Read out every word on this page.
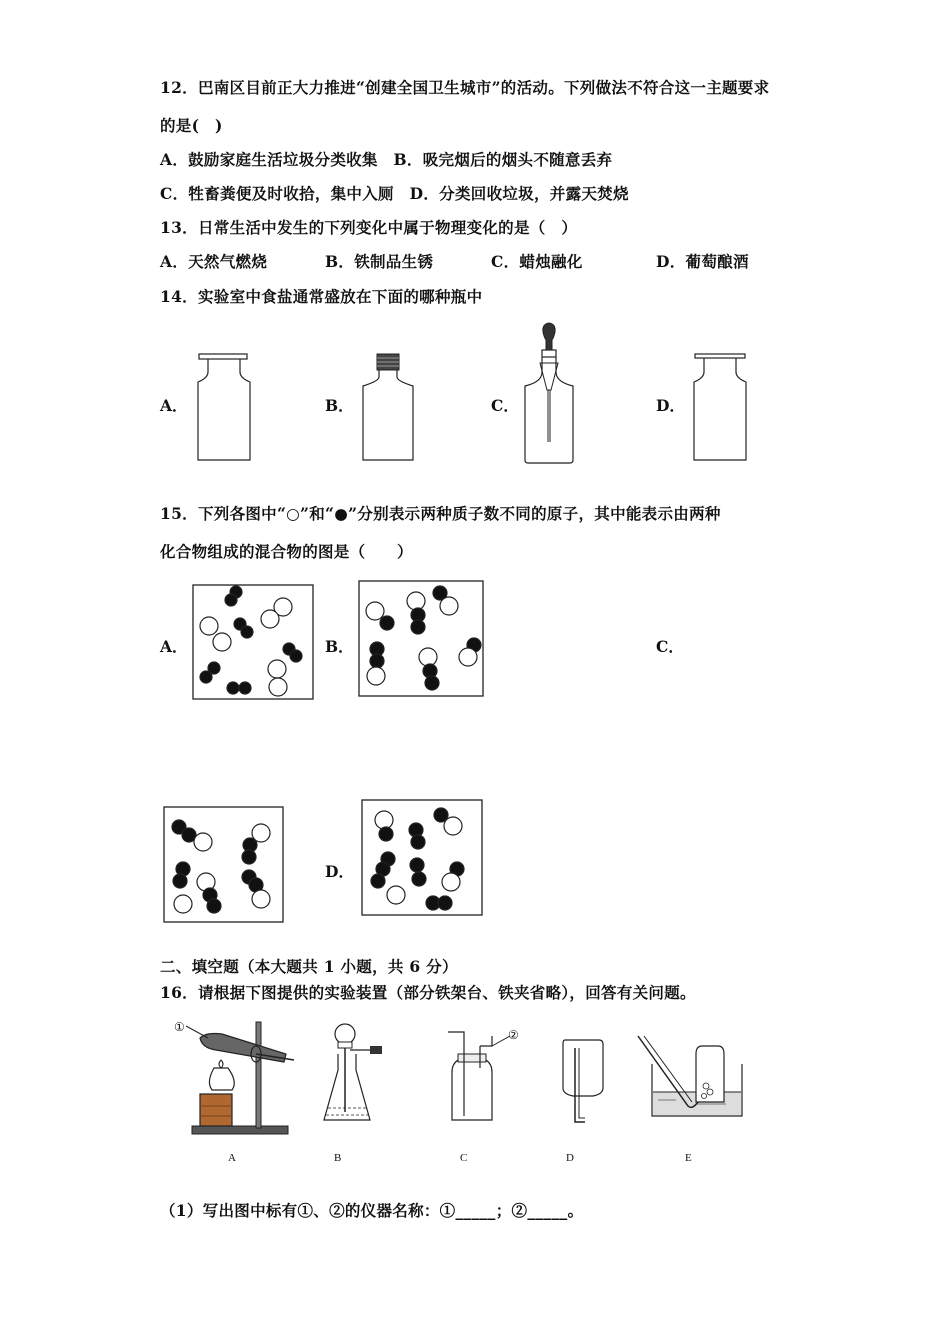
12．巴南区目前正大力推进“创建全国卫生城市”的活动。下列做法不符合这一主题要求
的是(　)
A．鼓励家庭生活垃圾分类收集　B．吸完烟后的烟头不随意丢弃
C．牲畜粪便及时收拾，集中入厕　D．分类回收垃圾，并露天焚烧
13．日常生活中发生的下列变化中属于物理变化的是（　）
A．天然气燃烧	B．铁制品生锈	C．蜡烛融化	D．葡萄酿酒
14．实验室中食盐通常盛放在下面的哪种瓶中
A．	B．	C．	D．
15．下列各图中“○”和“●”分别表示两种质子数不同的原子，其中能表示由两种
化合物组成的混合物的图是（　　）
A．	B．	C．
D．
二、填空题（本大题共 1 小题，共 6 分）
16．请根据下图提供的实验装置（部分铁架台、铁夹省略），回答有关问题。
①
②
A	B	C	D	E
（1）写出图中标有①、②的仪器名称：①_____；②_____。
